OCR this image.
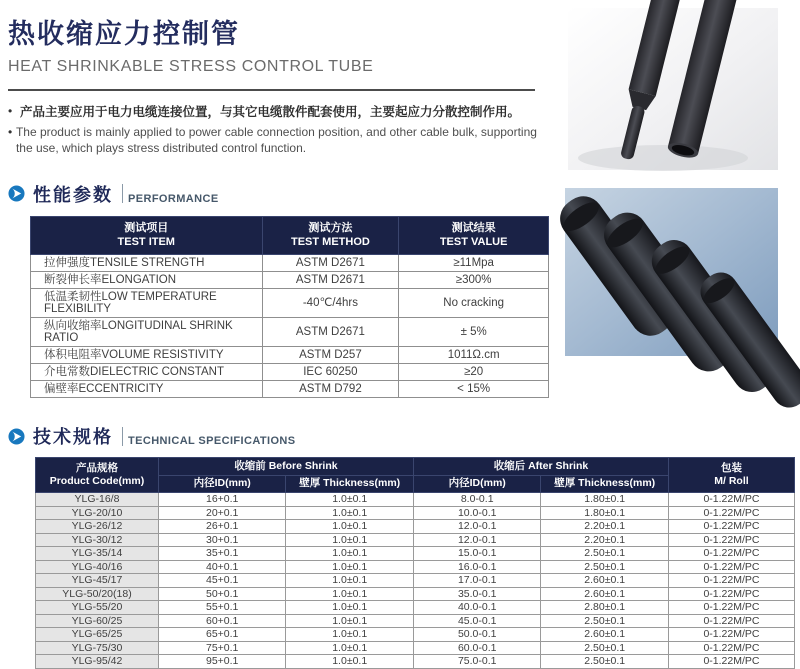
热收缩应力控制管
HEAT SHRINKABLE STRESS CONTROL TUBE
• 产品主要应用于电力电缆连接位置，与其它电缆散件配套使用，主要起应力分散控制作用。
• The product is mainly applied to power cable connection position, and other cable bulk, supporting the use, which plays stress distributed control function.
性能参数 PERFORMANCE
测试项目
TEST ITEM	测试方法
TEST METHOD	测试结果
TEST VALUE

拉伸强度TENSILE STRENGTH	ASTM D2671	≥11Mpa
断裂伸长率ELONGATION	ASTM D2671	≥300%
低温柔韧性LOW TEMPERATURE FLEXIBILITY	-40℃/4hrs	No cracking
纵向收缩率LONGITUDINAL SHRINK RATIO	ASTM D2671	± 5%
体积电阻率VOLUME RESISTIVITY	ASTM D257	1011Ω.cm
介电常数DIELECTRIC CONSTANT	IEC 60250	≥20
偏壁率ECCENTRICITY	ASTM D792	< 15%
技术规格 TECHNICAL SPECIFICATIONS
产品规格
Product Code(mm)	收缩前 Before Shrink		收缩后 After Shrink		包装
M/ Roll

	内径ID(mm)	壁厚 Thickness(mm)	内径ID(mm)	壁厚 Thickness(mm)	
YLG-16/8	16+0.1	1.0±0.1	8.0-0.1	1.80±0.1	0-1.22M/PC
YLG-20/10	20+0.1	1.0±0.1	10.0-0.1	1.80±0.1	0-1.22M/PC
YLG-26/12	26+0.1	1.0±0.1	12.0-0.1	2.20±0.1	0-1.22M/PC
YLG-30/12	30+0.1	1.0±0.1	12.0-0.1	2.20±0.1	0-1.22M/PC
YLG-35/14	35+0.1	1.0±0.1	15.0-0.1	2.50±0.1	0-1.22M/PC
YLG-40/16	40+0.1	1.0±0.1	16.0-0.1	2.50±0.1	0-1.22M/PC
YLG-45/17	45+0.1	1.0±0.1	17.0-0.1	2.60±0.1	0-1.22M/PC
YLG-50/20(18)	50+0.1	1.0±0.1	35.0-0.1	2.60±0.1	0-1.22M/PC
YLG-55/20	55+0.1	1.0±0.1	40.0-0.1	2.80±0.1	0-1.22M/PC
YLG-60/25	60+0.1	1.0±0.1	45.0-0.1	2.50±0.1	0-1.22M/PC
YLG-65/25	65+0.1	1.0±0.1	50.0-0.1	2.60±0.1	0-1.22M/PC
YLG-75/30	75+0.1	1.0±0.1	60.0-0.1	2.50±0.1	0-1.22M/PC
YLG-95/42	95+0.1	1.0±0.1	75.0-0.1	2.50±0.1	0-1.22M/PC
